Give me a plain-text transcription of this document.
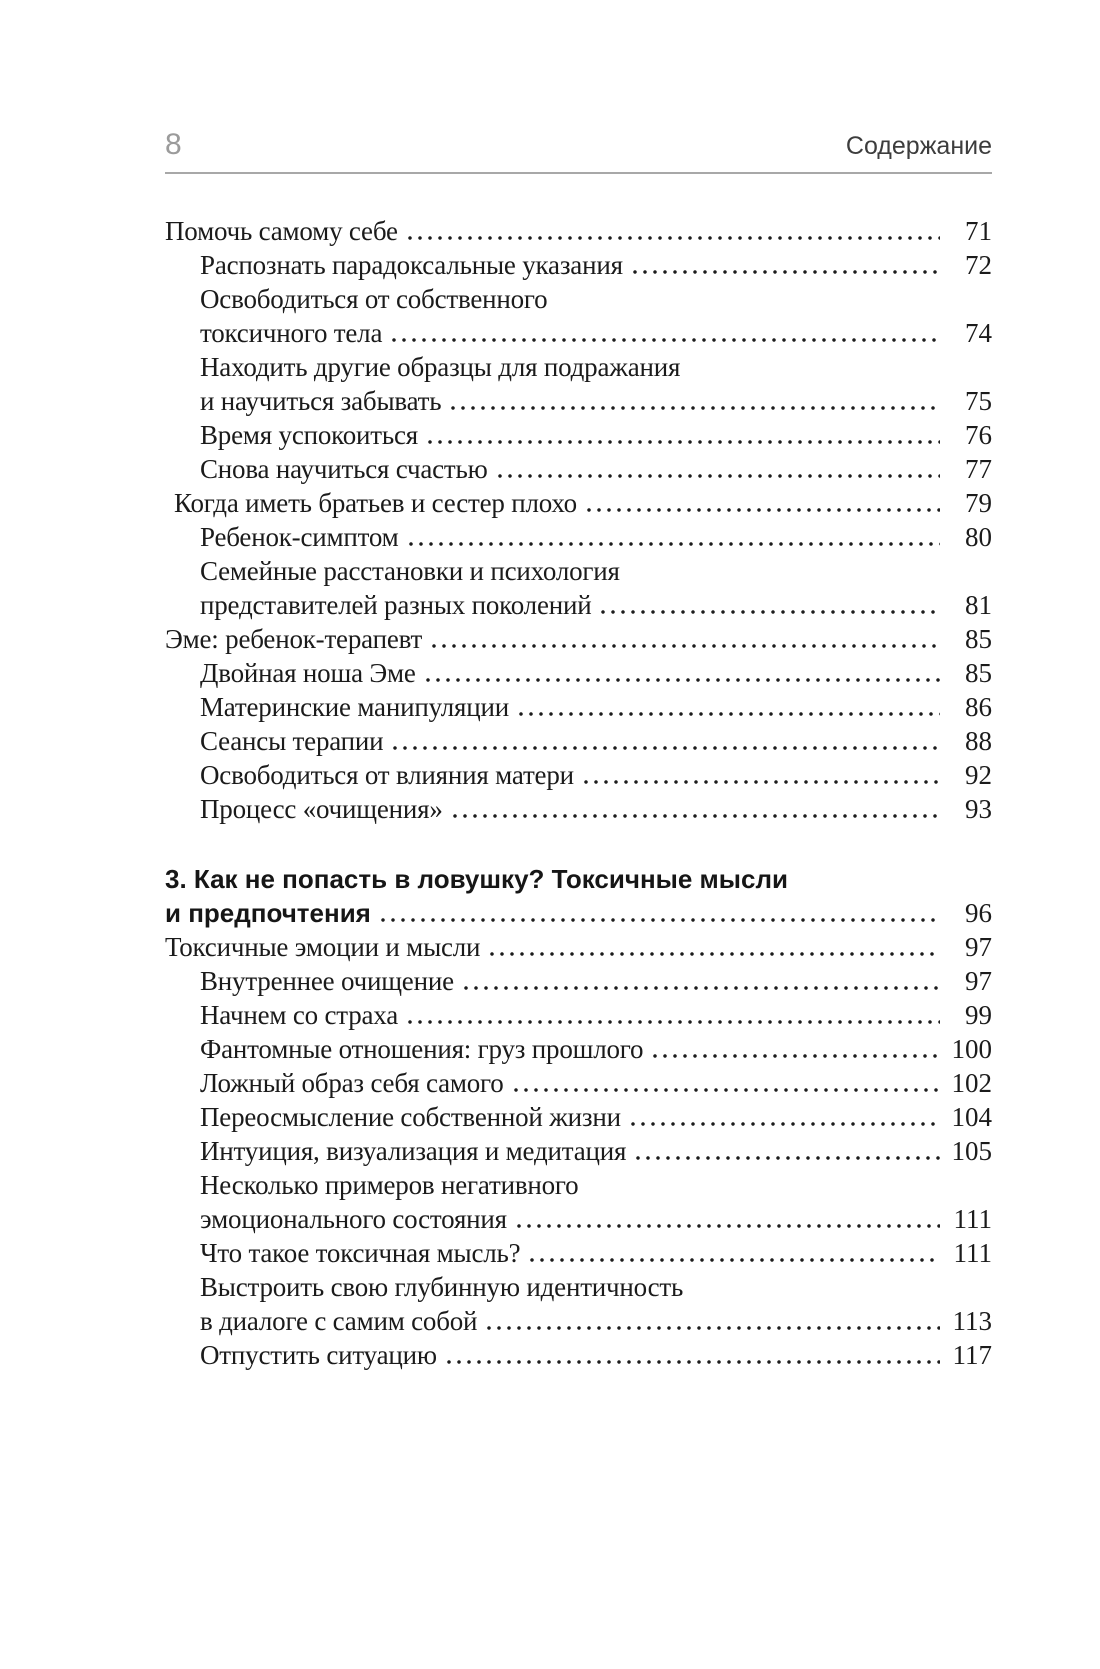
8	Содержание
Помочь самому себе	71
Распознать парадоксальные указания	72
Освободиться от собственного
токсичного тела	74
Находить другие образцы для подражания
и научиться забывать	75
Время успокоиться	76
Снова научиться счастью	77
Когда иметь братьев и сестер плохо	79
Ребенок-симптом	80
Семейные расстановки и психология
представителей разных поколений	81
Эме: ребенок-терапевт	85
Двойная ноша Эме	85
Материнские манипуляции	86
Сеансы терапии	88
Освободиться от влияния матери	92
Процесс «очищения»	93
3. Как не попасть в ловушку? Токсичные мысли
и предпочтения	96
Токсичные эмоции и мысли	97
Внутреннее очищение	97
Начнем со страха	99
Фантомные отношения: груз прошлого	100
Ложный образ себя самого	102
Переосмысление собственной жизни	104
Интуиция, визуализация и медитация	105
Несколько примеров негативного
эмоционального состояния	111
Что такое токсичная мысль?	111
Выстроить свою глубинную идентичность
в диалоге с самим собой	113
Отпустить ситуацию	117
